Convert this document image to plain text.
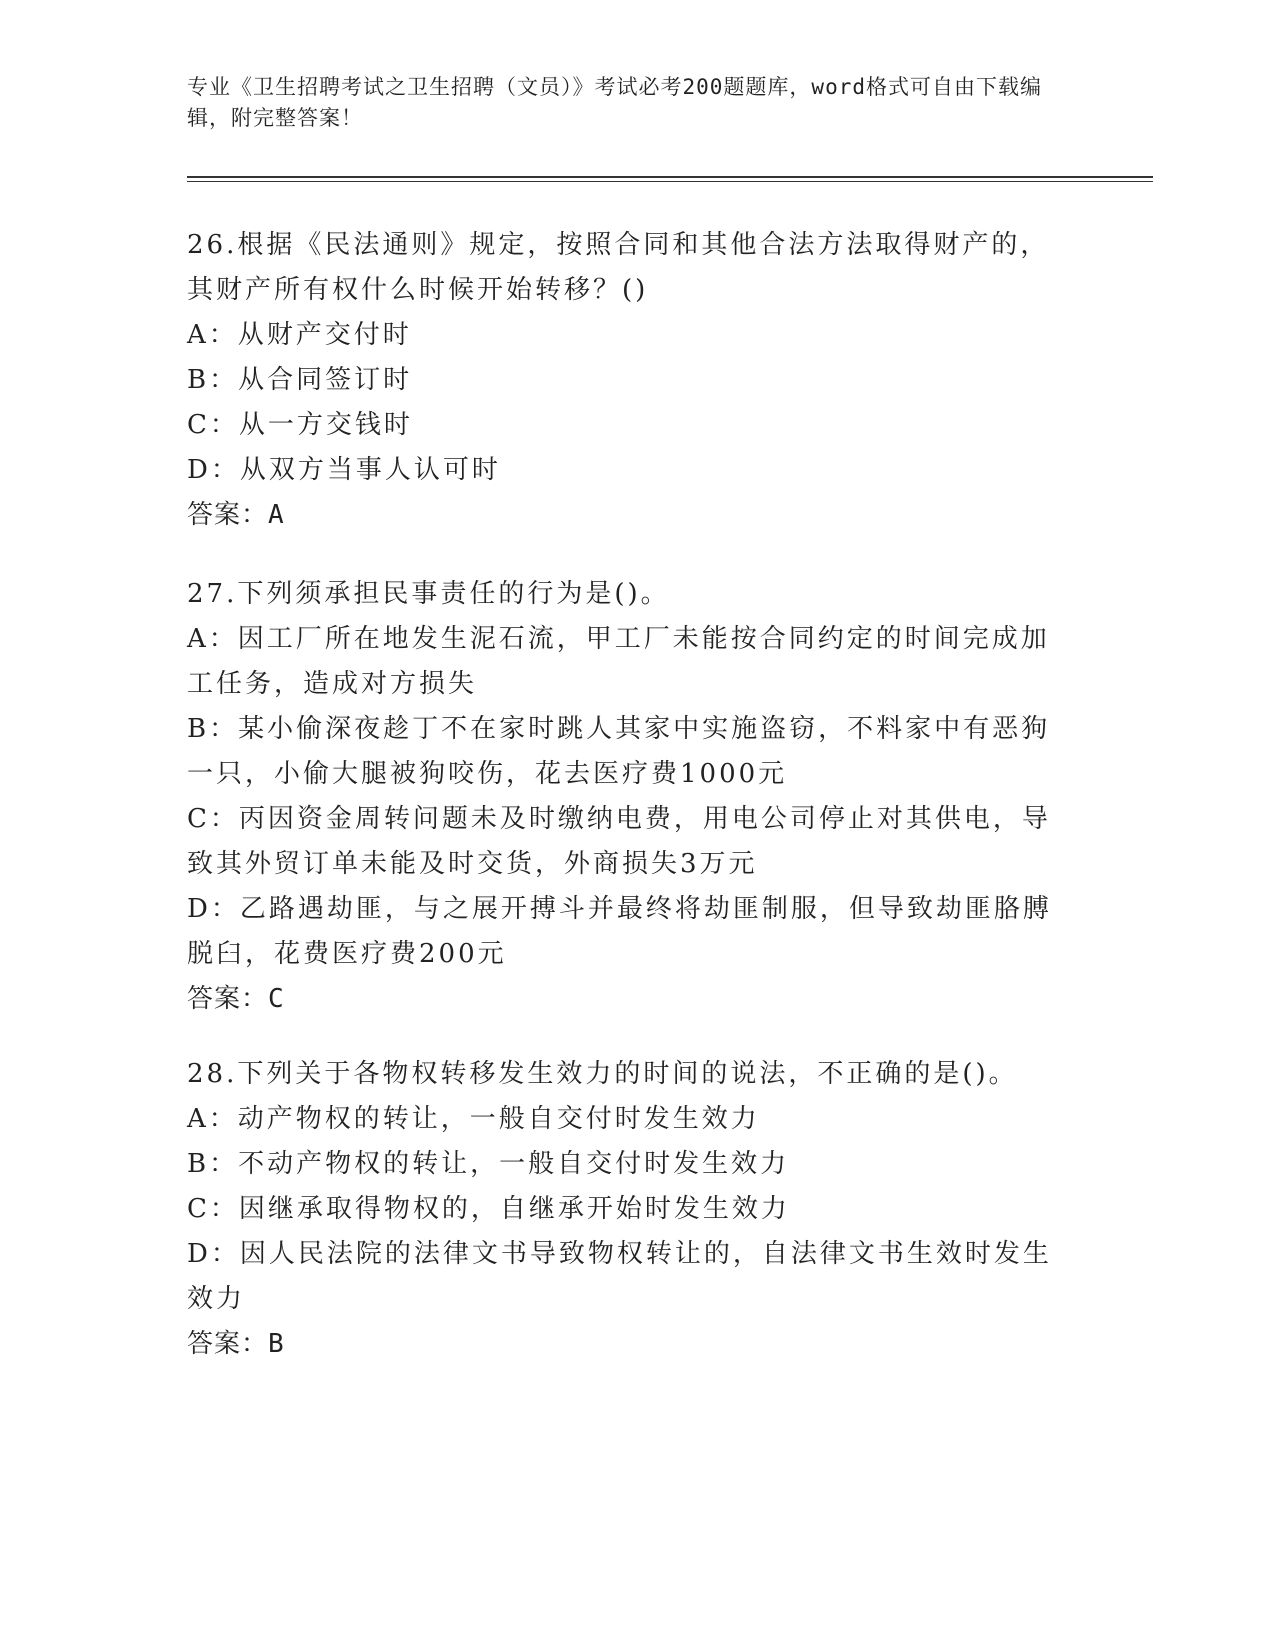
专业《卫生招聘考试之卫生招聘（文员）》考试必考200题题库，word格式可自由下载编辑，附完整答案！

26.根据《民法通则》规定，按照合同和其他合法方法取得财产的，其财产所有权什么时候开始转移？()

A：从财产交付时

B：从合同签订时

C：从一方交钱时

D：从双方当事人认可时

答案：A

27.下列须承担民事责任的行为是()。

A：因工厂所在地发生泥石流，甲工厂未能按合同约定的时间完成加工任务，造成对方损失

B：某小偷深夜趁丁不在家时跳人其家中实施盗窃，不料家中有恶狗一只，小偷大腿被狗咬伤，花去医疗费1000元

C：丙因资金周转问题未及时缴纳电费，用电公司停止对其供电，导致其外贸订单未能及时交货，外商损失3万元

D：乙路遇劫匪，与之展开搏斗并最终将劫匪制服，但导致劫匪胳膊脱臼，花费医疗费200元

答案：C

28.下列关于各物权转移发生效力的时间的说法，不正确的是()。

A：动产物权的转让，一般自交付时发生效力

B：不动产物权的转让，一般自交付时发生效力

C：因继承取得物权的，自继承开始时发生效力

D：因人民法院的法律文书导致物权转让的，自法律文书生效时发生效力

答案：B
